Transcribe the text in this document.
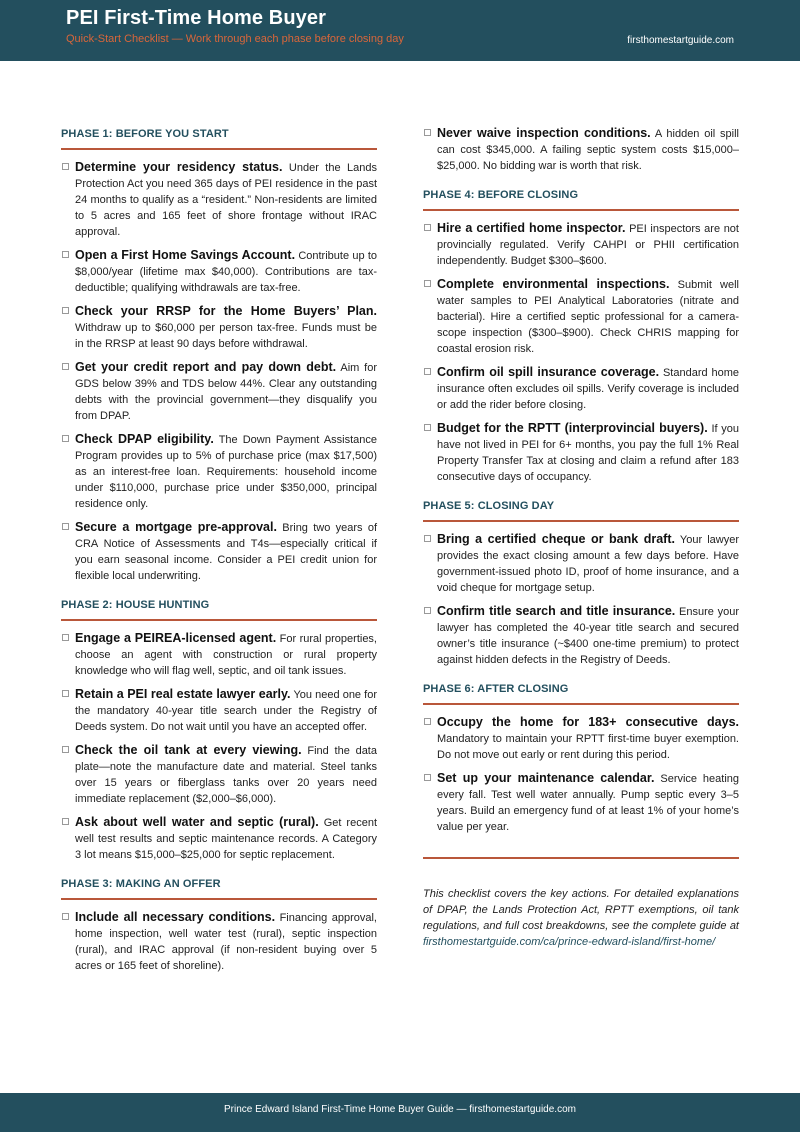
PEI First-Time Home Buyer
Quick-Start Checklist — Work through each phase before closing day	firsthomestartguide.com
PHASE 1: BEFORE YOU START
Determine your residency status. Under the Lands Protection Act you need 365 days of PEI residence in the past 24 months to qualify as a “resident.” Non-residents are limited to 5 acres and 165 feet of shore frontage without IRAC approval.
Open a First Home Savings Account. Contribute up to $8,000/year (lifetime max $40,000). Contributions are tax-deductible; qualifying withdrawals are tax-free.
Check your RRSP for the Home Buyers’ Plan. Withdraw up to $60,000 per person tax-free. Funds must be in the RRSP at least 90 days before withdrawal.
Get your credit report and pay down debt. Aim for GDS below 39% and TDS below 44%. Clear any outstanding debts with the provincial government—they disqualify you from DPAP.
Check DPAP eligibility. The Down Payment Assistance Program provides up to 5% of purchase price (max $17,500) as an interest-free loan. Requirements: household income under $110,000, purchase price under $350,000, principal residence only.
Secure a mortgage pre-approval. Bring two years of CRA Notice of Assessments and T4s—especially critical if you earn seasonal income. Consider a PEI credit union for flexible local underwriting.
PHASE 2: HOUSE HUNTING
Engage a PEIREA-licensed agent. For rural properties, choose an agent with construction or rural property knowledge who will flag well, septic, and oil tank issues.
Retain a PEI real estate lawyer early. You need one for the mandatory 40-year title search under the Registry of Deeds system. Do not wait until you have an accepted offer.
Check the oil tank at every viewing. Find the data plate—note the manufacture date and material. Steel tanks over 15 years or fiberglass tanks over 20 years need immediate replacement ($2,000–$6,000).
Ask about well water and septic (rural). Get recent well test results and septic maintenance records. A Category 3 lot means $15,000–$25,000 for septic replacement.
PHASE 3: MAKING AN OFFER
Include all necessary conditions. Financing approval, home inspection, well water test (rural), septic inspection (rural), and IRAC approval (if non-resident buying over 5 acres or 165 feet of shoreline).
Never waive inspection conditions. A hidden oil spill can cost $345,000. A failing septic system costs $15,000–$25,000. No bidding war is worth that risk.
PHASE 4: BEFORE CLOSING
Hire a certified home inspector. PEI inspectors are not provincially regulated. Verify CAHPI or PHII certification independently. Budget $300–$600.
Complete environmental inspections. Submit well water samples to PEI Analytical Laboratories (nitrate and bacterial). Hire a certified septic professional for a camera-scope inspection ($300–$900). Check CHRIS mapping for coastal erosion risk.
Confirm oil spill insurance coverage. Standard home insurance often excludes oil spills. Verify coverage is included or add the rider before closing.
Budget for the RPTT (interprovincial buyers). If you have not lived in PEI for 6+ months, you pay the full 1% Real Property Transfer Tax at closing and claim a refund after 183 consecutive days of occupancy.
PHASE 5: CLOSING DAY
Bring a certified cheque or bank draft. Your lawyer provides the exact closing amount a few days before. Have government-issued photo ID, proof of home insurance, and a void cheque for mortgage setup.
Confirm title search and title insurance. Ensure your lawyer has completed the 40-year title search and secured owner’s title insurance (~$400 one-time premium) to protect against hidden defects in the Registry of Deeds.
PHASE 6: AFTER CLOSING
Occupy the home for 183+ consecutive days. Mandatory to maintain your RPTT first-time buyer exemption. Do not move out early or rent during this period.
Set up your maintenance calendar. Service heating every fall. Test well water annually. Pump septic every 3–5 years. Build an emergency fund of at least 1% of your home’s value per year.
This checklist covers the key actions. For detailed explanations of DPAP, the Lands Protection Act, RPTT exemptions, oil tank regulations, and full cost breakdowns, see the complete guide at firsthomestartguide.com/ca/prince-edward-island/first-home/
Prince Edward Island First-Time Home Buyer Guide — firsthomestartguide.com
